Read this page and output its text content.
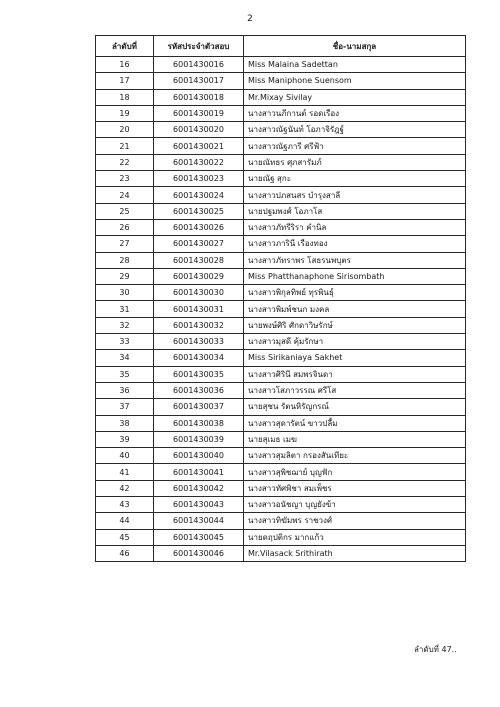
2
ลำดับที่	รหัสประจำตัวสอบ	ชื่อ-นามสกุล
16	6001430016	Miss Malaina Sadettan
17	6001430017	Miss Maniphone Suensom
18	6001430018	Mr.Mixay Sivilay
19	6001430019	นางสาวนภีกานต์ รอดเรือง
20	6001430020	นางสาวณัฐนันท์ โอภาจิรัฎฐ์
21	6001430021	นางสาวณัฐภารี ศรีฟ้า
22	6001430022	นายณัทธร ศุภสารัมภ์
23	6001430023	นายณัฐ สุกะ
24	6001430024	นางสาวปภสนสร บำรุงสาลี
25	6001430025	นายปฐมพงศ์ โอภาโส
26	6001430026	นางสาวภัทรีริรา คำนิล
27	6001430027	นางสาวภารินี เรืองทอง
28	6001430028	นางสาวภัทราพร โสธรนพบุตร
29	6001430029	Miss Phatthanaphone Sirisombath
30	6001430030	นางสาวพิกุลทิพย์ ทุรพินธุ์
31	6001430031	นางสาวพิมพ์ชนก มงคล
32	6001430032	นายพงษ์ศิริ ศักดาวิษรักษ์
33	6001430033	นางสาวมุสดี คุ้มรักษา
34	6001430034	Miss Sirikaniaya Sakhet
35	6001430035	นางสาวศิรินี สมพรจินดา
36	6001430036	นางสาวโสภาวรรณ ศรีโส
37	6001430037	นายสุชน รัตนหิรัญกรณ์
38	6001430038	นางสาวสุดารัตน์ ขาวปลื้ม
39	6001430039	นายสุเมธ เมฆ
40	6001430040	นางสาวสุมลิตา กรองสันเทียะ
41	6001430041	นางสาวสุพิชฌาย์ บุญฟัก
42	6001430042	นางสาวทัศพิชา สมเพ็ชร
43	6001430043	นางสาวอนัชญา บุญยังข้า
44	6001430044	นางสาวทิฆัมพร ราชวงศ์
45	6001430045	นายดฤปติกร มากแก้ว
46	6001430046	Mr.Vilasack Srithirath
ลำดับที่ 47..
